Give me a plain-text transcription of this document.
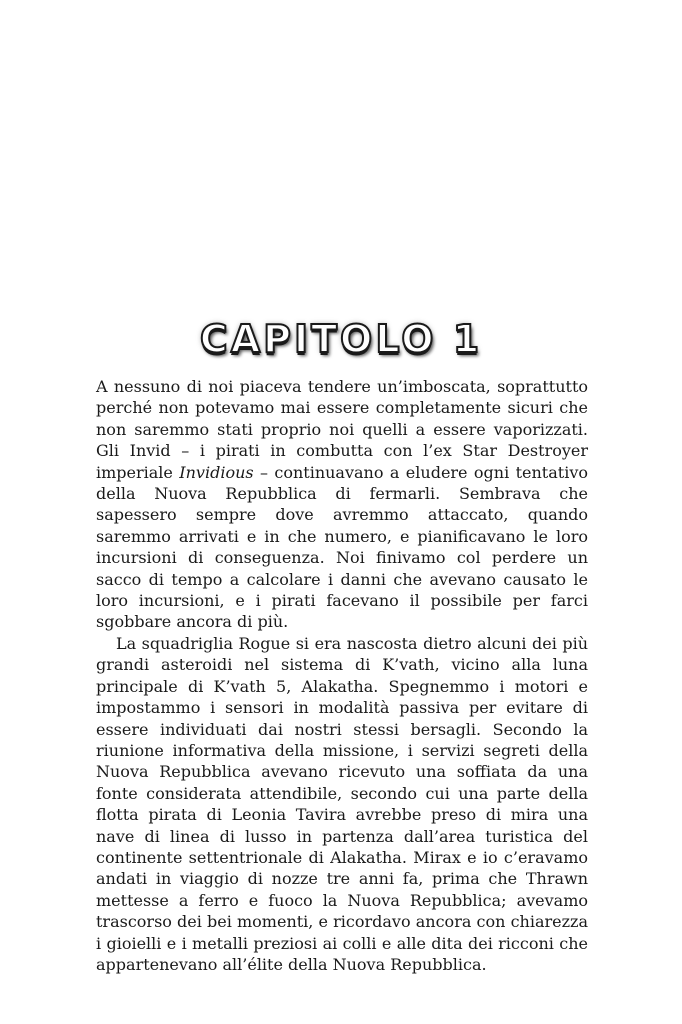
CAPITOLO 1

A nessuno di noi piaceva tendere un’imboscata, soprattutto perché non potevamo mai essere completamente sicuri che non saremmo stati proprio noi quelli a essere vaporizzati. Gli Invid – i pirati in combutta con l’ex Star Destroyer imperiale Invidious – continuavano a eludere ogni tentativo della Nuova Repubblica di fermarli. Sembrava che sapessero sempre dove avremmo attaccato, quando saremmo arrivati e in che numero, e pianificavano le loro incursioni di conseguenza. Noi finivamo col perdere un sacco di tempo a calcolare i danni che avevano causato le loro incursioni, e i pirati facevano il possibile per farci sgobbare ancora di più.

La squadriglia Rogue si era nascosta dietro alcuni dei più grandi asteroidi nel sistema di K’vath, vicino alla luna principale di K’vath 5, Alakatha. Spegnemmo i motori e impostammo i sensori in modalità passiva per evitare di essere individuati dai nostri stessi bersagli. Secondo la riunione informativa della missione, i servizi segreti della Nuova Repubblica avevano ricevuto una soffiata da una fonte considerata attendibile, secondo cui una parte della flotta pirata di Leonia Tavira avrebbe preso di mira una nave di linea di lusso in partenza dall’area turistica del continente settentrionale di Alakatha. Mirax e io c’eravamo andati in viaggio di nozze tre anni fa, prima che Thrawn mettesse a ferro e fuoco la Nuova Repubblica; avevamo trascorso dei bei momenti, e ricordavo ancora con chiarezza i gioielli e i metalli preziosi ai colli e alle dita dei ricconi che appartenevano all’élite della Nuova Repubblica.
